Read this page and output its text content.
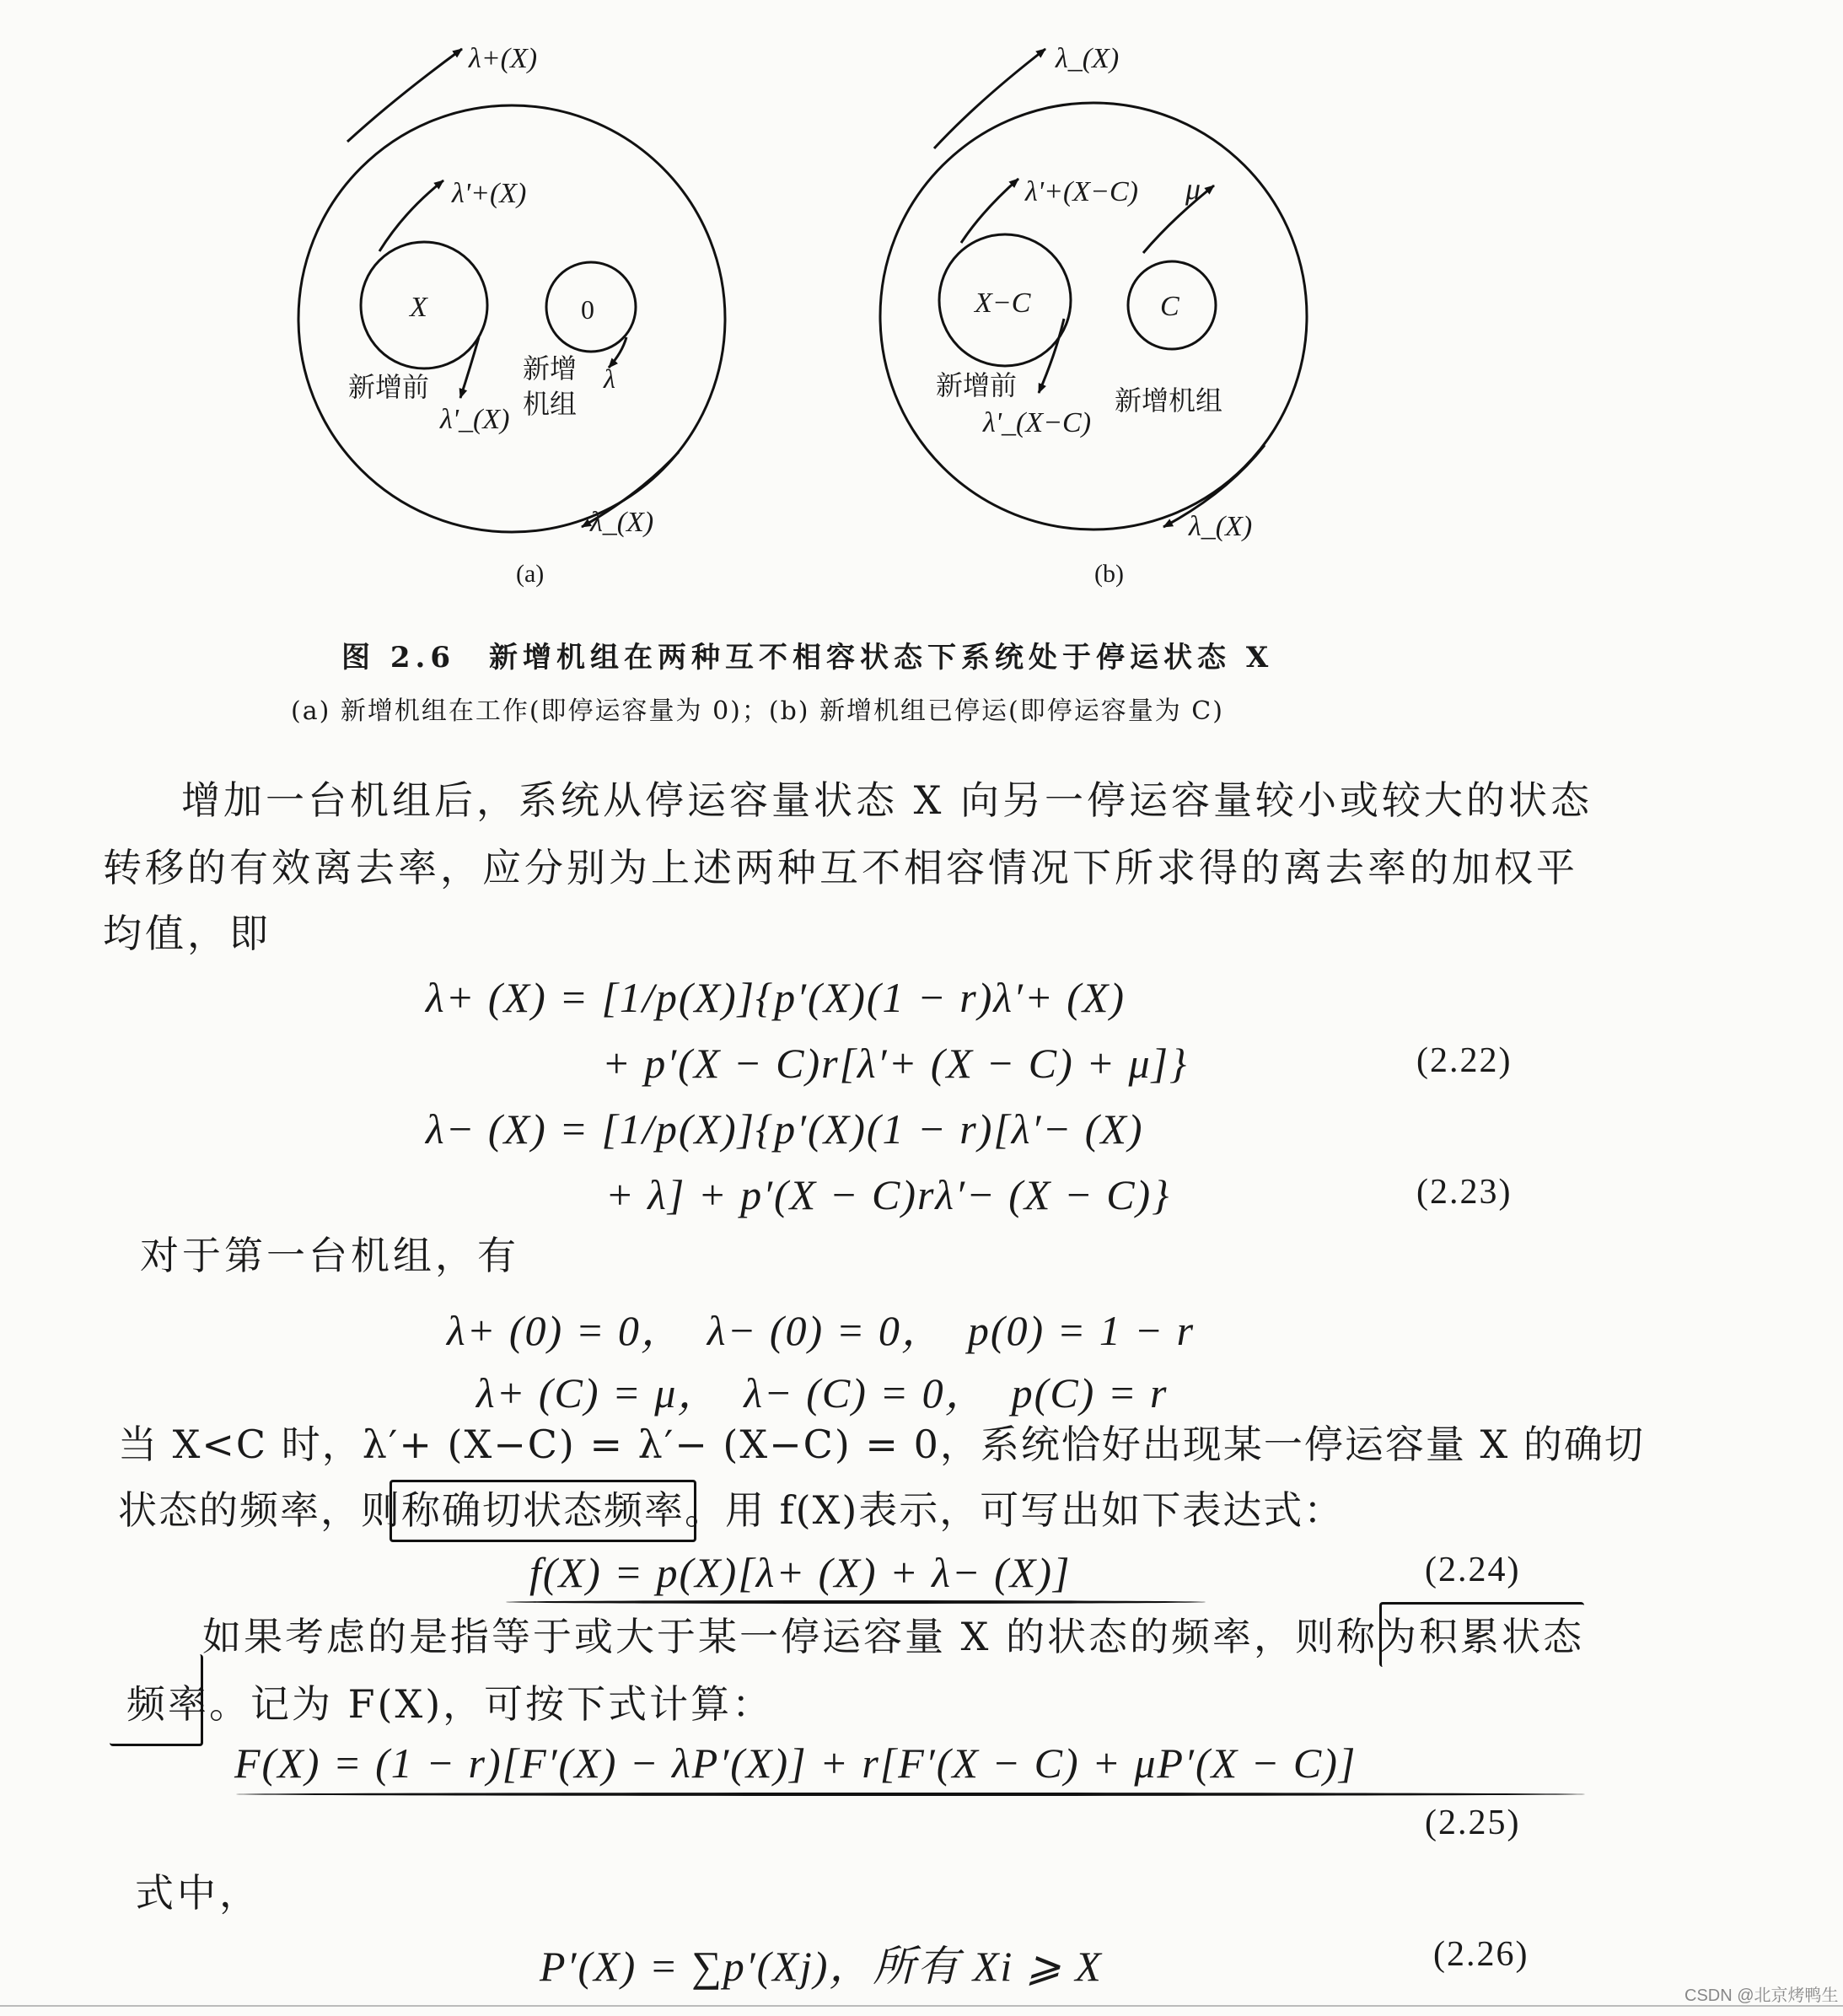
λ+(X)
λ'+(X)
X	0
新增前
λ'_(X)
新增
机组
λ
λ_(X)
(a)
λ_(X)
λ'+(X−C) μ
X−C	C
新增前
λ'_(X−C)
新增机组
λ_(X)
(b)
图 2.6　新增机组在两种互不相容状态下系统处于停运状态 X
(a) 新增机组在工作(即停运容量为 0)；(b) 新增机组已停运(即停运容量为 C)
增加一台机组后，系统从停运容量状态 X 向另一停运容量较小或较大的状态
转移的有效离去率，应分别为上述两种互不相容情况下所求得的离去率的加权平
均值，即
λ+ (X) = [1/p(X)]{p′(X)(1 − r)λ′+ (X)
+ p′(X − C)r[λ′+ (X − C) + μ]}	(2.22)
λ− (X) = [1/p(X)]{p′(X)(1 − r)[λ′− (X)
+ λ] + p′(X − C)rλ′− (X − C)}	(2.23)
对于第一台机组，有
λ+ (0) = 0，　λ− (0) = 0，　p(0) = 1 − r
λ+ (C) = μ，　λ− (C) = 0，　p(C) = r
当 X<C 时，λ′+ (X−C) = λ′− (X−C) = 0，系统恰好出现某一停运容量 X 的确切
状态的频率，则称确切状态频率。用 f(X)表示，可写出如下表达式：
f(X) = p(X)[λ+ (X) + λ− (X)]	(2.24)
如果考虑的是指等于或大于某一停运容量 X 的状态的频率，则称为积累状态
频率。记为 F(X)，可按下式计算：
F(X) = (1 − r)[F′(X) − λP′(X)] + r[F′(X − C) + μP′(X − C)]
(2.25)
式中，
P′(X) = ∑p′(Xj)，所有 Xi ⩾ X	(2.26)
CSDN @北京烤鸭生
